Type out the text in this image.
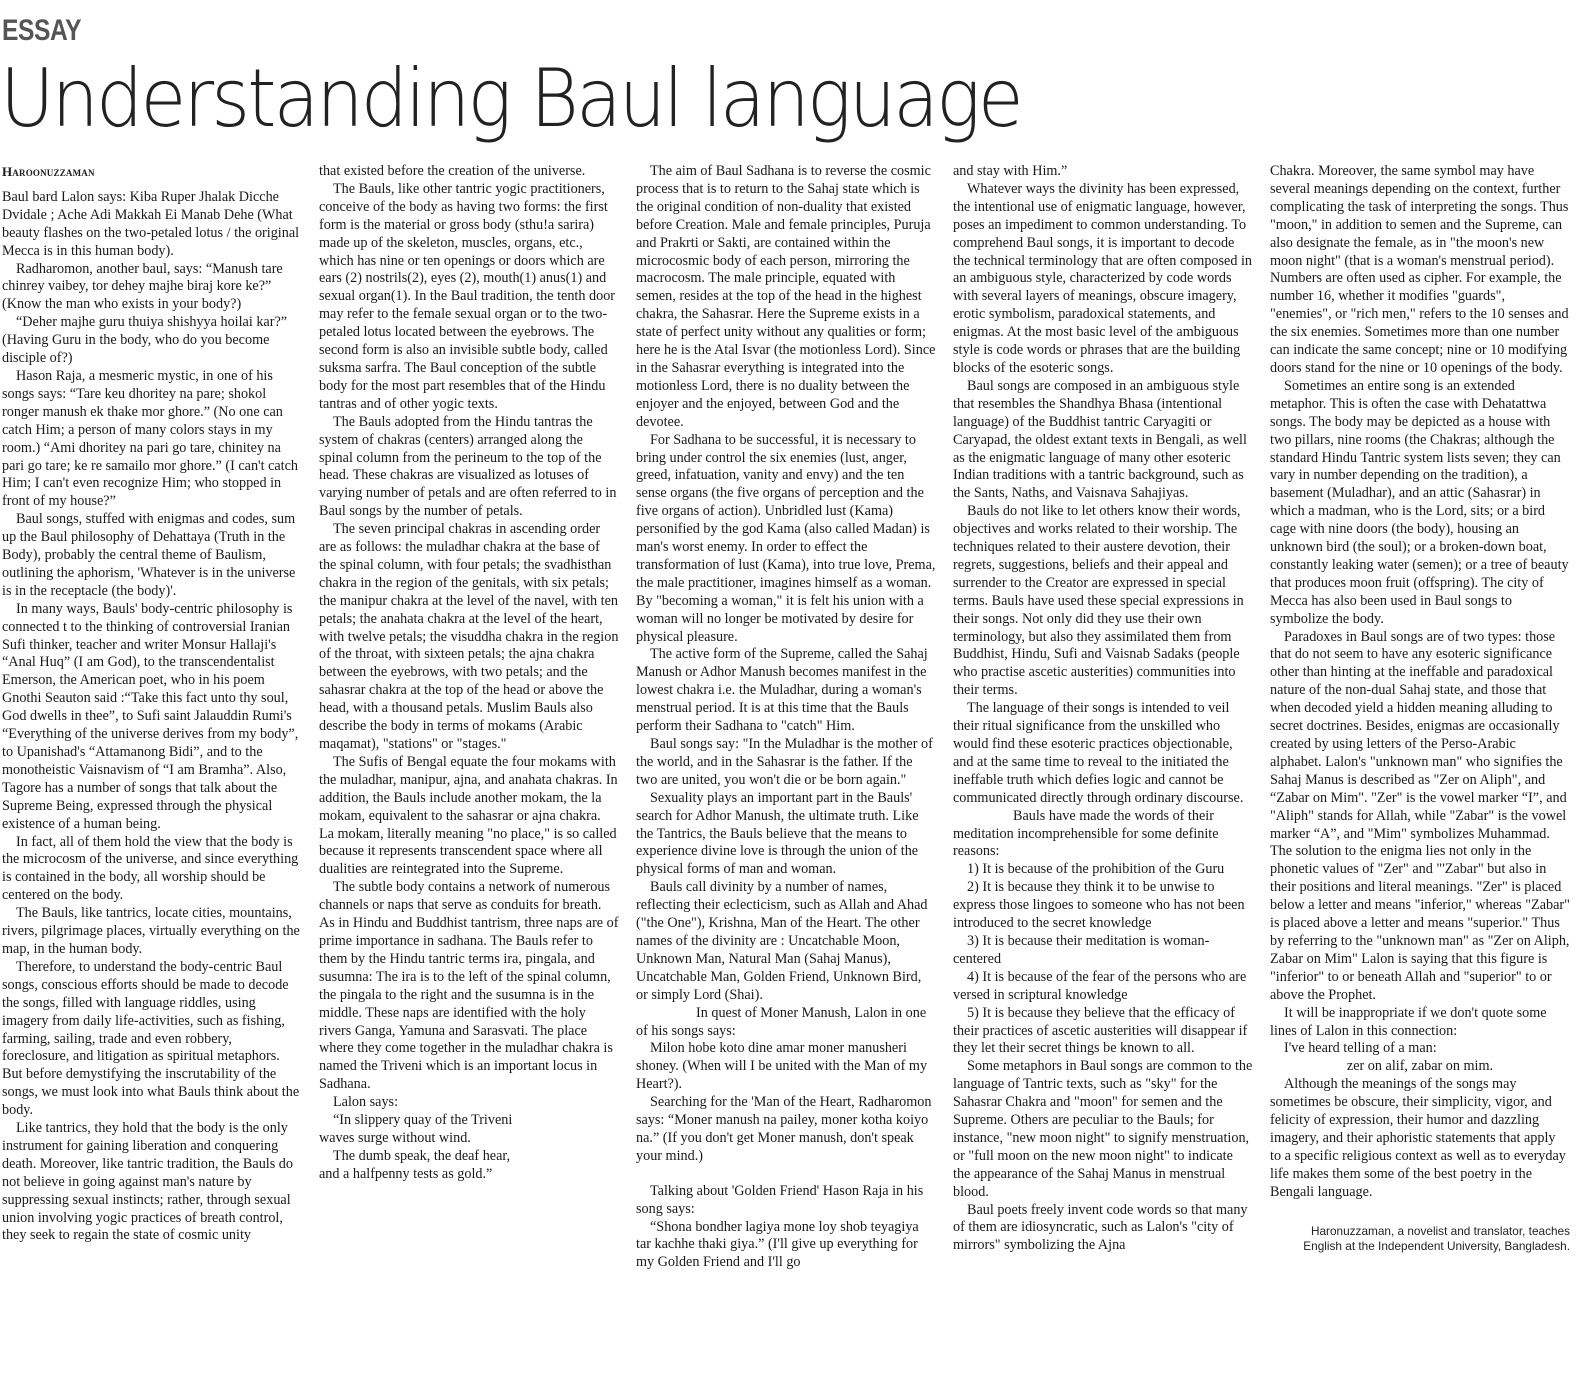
ESSAY
Understanding Baul language

Haroonuzzaman

Baul bard Lalon says: Kiba Ruper Jhalak Dicche Dvidale ; Ache Adi Makkah Ei Manab Dehe (What beauty flashes on the two-petaled lotus / the original Mecca is in this human body).

Radharomon, another baul, says: “Manush tare chinrey vaibey, tor dehey majhe biraj kore ke?” (Know the man who exists in your body?)

“Deher majhe guru thuiya shishyya hoilai kar?” (Having Guru in the body, who do you become disciple of?)

Hason Raja, a mesmeric mystic, in one of his songs says: “Tare keu dhoritey na pare; shokol ronger manush ek thake mor ghore.” (No one can catch Him; a person of many colors stays in my room.) “Ami dhoritey na pari go tare, chinitey na pari go tare; ke re samailo mor ghore.” (I can't catch Him; I can't even recognize Him; who stopped in front of my house?”

Baul songs, stuffed with enigmas and codes, sum up the Baul philosophy of Dehattaya (Truth in the Body), probably the central theme of Baulism, outlining the aphorism, 'Whatever is in the universe is in the receptacle (the body)'.

In many ways, Bauls' body-centric philosophy is connected t to the thinking of controversial Iranian Sufi thinker, teacher and writer Monsur Hallaji's “Anal Huq” (I am God), to the transcendentalist Emerson, the American poet, who in his poem Gnothi Seauton said :“Take this fact unto thy soul, God dwells in thee”, to Sufi saint Jalauddin Rumi's “Everything of the universe derives from my body”, to Upanishad's “Attamanong Bidi”, and to the monotheistic Vaisnavism of “I am Bramha”. Also, Tagore has a number of songs that talk about the Supreme Being, expressed through the physical existence of a human being.

In fact, all of them hold the view that the body is the microcosm of the universe, and since everything is contained in the body, all worship should be centered on the body.

The Bauls, like tantrics, locate cities, mountains, rivers, pilgrimage places, virtually everything on the map, in the human body.

Therefore, to understand the body-centric Baul songs, conscious efforts should be made to decode the songs, filled with language riddles, using imagery from daily life-activities, such as fishing, farming, sailing, trade and even robbery, foreclosure, and litigation as spiritual metaphors. But before demystifying the inscrutability of the songs, we must look into what Bauls think about the body.

Like tantrics, they hold that the body is the only instrument for gaining liberation and conquering death. Moreover, like tantric tradition, the Bauls do not believe in going against man's nature by suppressing sexual instincts; rather, through sexual union involving yogic practices of breath control, they seek to regain the state of cosmic unity

that existed before the creation of the universe.

The Bauls, like other tantric yogic practitioners, conceive of the body as having two forms: the first form is the material or gross body (sthu!a sarira) made up of the skeleton, muscles, organs, etc., which has nine or ten openings or doors which are ears (2) nostrils(2), eyes (2), mouth(1) anus(1) and sexual organ(1). In the Baul tradition, the tenth door may refer to the female sexual organ or to the two-petaled lotus located between the eyebrows. The second form is also an invisible subtle body, called suksma sarfra. The Baul conception of the subtle body for the most part resembles that of the Hindu tantras and of other yogic texts.

The Bauls adopted from the Hindu tantras the system of chakras (centers) arranged along the spinal column from the perineum to the top of the head. These chakras are visualized as lotuses of varying number of petals and are often referred to in Baul songs by the number of petals.

The seven principal chakras in ascending order are as follows: the muladhar chakra at the base of the spinal column, with four petals; the svadhisthan chakra in the region of the genitals, with six petals; the manipur chakra at the level of the navel, with ten petals; the anahata chakra at the level of the heart, with twelve petals; the visuddha chakra in the region of the throat, with sixteen petals; the ajna chakra between the eyebrows, with two petals; and the sahasrar chakra at the top of the head or above the head, with a thousand petals. Muslim Bauls also describe the body in terms of mokams (Arabic maqamat), "stations" or "stages."

The Sufis of Bengal equate the four mokams with the muladhar, manipur, ajna, and anahata chakras. In addition, the Bauls include another mokam, the la mokam, equivalent to the sahasrar or ajna chakra. La mokam, literally meaning "no place," is so called because it represents transcendent space where all dualities are reintegrated into the Supreme.

The subtle body contains a network of numerous channels or naps that serve as conduits for breath. As in Hindu and Buddhist tantrism, three naps are of prime importance in sadhana. The Bauls refer to them by the Hindu tantric terms ira, pingala, and susumna: The ira is to the left of the spinal column, the pingala to the right and the susumna is in the middle. These naps are identified with the holy rivers Ganga, Yamuna and Sarasvati. The place where they come together in the muladhar chakra is named the Triveni which is an important locus in Sadhana.

Lalon says:

“In slippery quay of the Triveni

waves surge without wind.

The dumb speak, the deaf hear,

and a halfpenny tests as gold.”

The aim of Baul Sadhana is to reverse the cosmic process that is to return to the Sahaj state which is the original condition of non-duality that existed before Creation. Male and female principles, Puruja and Prakrti or Sakti, are contained within the microcosmic body of each person, mirroring the macrocosm. The male principle, equated with semen, resides at the top of the head in the highest chakra, the Sahasrar. Here the Supreme exists in a state of perfect unity without any qualities or form; here he is the Atal Isvar (the motionless Lord). Since in the Sahasrar everything is integrated into the motionless Lord, there is no duality between the enjoyer and the enjoyed, between God and the devotee.

For Sadhana to be successful, it is necessary to bring under control the six enemies (lust, anger, greed, infatuation, vanity and envy) and the ten sense organs (the five organs of perception and the five organs of action). Unbridled lust (Kama) personified by the god Kama (also called Madan) is man's worst enemy. In order to effect the transformation of lust (Kama), into true love, Prema, the male practitioner, imagines himself as a woman. By "becoming a woman," it is felt his union with a woman will no longer be motivated by desire for physical pleasure.

The active form of the Supreme, called the Sahaj Manush or Adhor Manush becomes manifest in the lowest chakra i.e. the Muladhar, during a woman's menstrual period. It is at this time that the Bauls perform their Sadhana to "catch" Him.

Baul songs say: "In the Muladhar is the mother of the world, and in the Sahasrar is the father. If the two are united, you won't die or be born again."

Sexuality plays an important part in the Bauls' search for Adhor Manush, the ultimate truth. Like the Tantrics, the Bauls believe that the means to experience divine love is through the union of the physical forms of man and woman.

Bauls call divinity by a number of names, reflecting their eclecticism, such as Allah and Ahad ("the One"), Krishna, Man of the Heart. The other names of the divinity are : Uncatchable Moon, Unknown Man, Natural Man (Sahaj Manus), Uncatchable Man, Golden Friend, Unknown Bird, or simply Lord (Shai).

In quest of Moner Manush, Lalon in one of his songs says:

Milon hobe koto dine amar moner manusheri shoney. (When will I be united with the Man of my Heart?).

Searching for the 'Man of the Heart, Radharomon says: “Moner manush na pailey, moner kotha koiyo na.” (If you don't get Moner manush, don't speak your mind.)

Talking about 'Golden Friend' Hason Raja in his song says:

“Shona bondher lagiya mone loy shob teyagiya tar kachhe thaki giya.” (I'll give up everything for my Golden Friend and I'll go

and stay with Him.”

Whatever ways the divinity has been expressed, the intentional use of enigmatic language, however, poses an impediment to common understanding. To comprehend Baul songs, it is important to decode the technical terminology that are often composed in an ambiguous style, characterized by code words with several layers of meanings, obscure imagery, erotic symbolism, paradoxical statements, and enigmas. At the most basic level of the ambiguous style is code words or phrases that are the building blocks of the esoteric songs.

Baul songs are composed in an ambiguous style that resembles the Shandhya Bhasa (intentional language) of the Buddhist tantric Caryagiti or Caryapad, the oldest extant texts in Bengali, as well as the enigmatic language of many other esoteric Indian traditions with a tantric background, such as the Sants, Naths, and Vaisnava Sahajiyas.

Bauls do not like to let others know their words, objectives and works related to their worship. The techniques related to their austere devotion, their regrets, suggestions, beliefs and their appeal and surrender to the Creator are expressed in special terms. Bauls have used these special expressions in their songs. Not only did they use their own terminology, but also they assimilated them from Buddhist, Hindu, Sufi and Vaisnab Sadaks (people who practise ascetic austerities) communities into their terms.

The language of their songs is intended to veil their ritual significance from the unskilled who would find these esoteric practices objectionable, and at the same time to reveal to the initiated the ineffable truth which defies logic and cannot be communicated directly through ordinary discourse.

Bauls have made the words of their meditation incomprehensible for some definite reasons:

1) It is because of the prohibition of the Guru

2) It is because they think it to be unwise to express those lingoes to someone who has not been introduced to the secret knowledge

3) It is because their meditation is woman-centered

4) It is because of the fear of the persons who are versed in scriptural knowledge

5) It is because they believe that the efficacy of their practices of ascetic austerities will disappear if they let their secret things be known to all.

Some metaphors in Baul songs are common to the language of Tantric texts, such as "sky" for the Sahasrar Chakra and "moon" for semen and the Supreme. Others are peculiar to the Bauls; for instance, "new moon night" to signify menstruation, or "full moon on the new moon night" to indicate the appearance of the Sahaj Manus in menstrual blood.

Baul poets freely invent code words so that many of them are idiosyncratic, such as Lalon's "city of mirrors" symbolizing the Ajna

Chakra. Moreover, the same symbol may have several meanings depending on the context, further complicating the task of interpreting the songs. Thus "moon," in addition to semen and the Supreme, can also designate the female, as in "the moon's new moon night" (that is a woman's menstrual period). Numbers are often used as cipher. For example, the number 16, whether it modifies "guards", "enemies", or "rich men," refers to the 10 senses and the six enemies. Sometimes more than one number can indicate the same concept; nine or 10 modifying doors stand for the nine or 10 openings of the body.

Sometimes an entire song is an extended metaphor. This is often the case with Dehatattwa songs. The body may be depicted as a house with two pillars, nine rooms (the Chakras; although the standard Hindu Tantric system lists seven; they can vary in number depending on the tradition), a basement (Muladhar), and an attic (Sahasrar) in which a madman, who is the Lord, sits; or a bird cage with nine doors (the body), housing an unknown bird (the soul); or a broken-down boat, constantly leaking water (semen); or a tree of beauty that produces moon fruit (offspring). The city of Mecca has also been used in Baul songs to symbolize the body.

Paradoxes in Baul songs are of two types: those that do not seem to have any esoteric significance other than hinting at the ineffable and paradoxical nature of the non-dual Sahaj state, and those that when decoded yield a hidden meaning alluding to secret doctrines. Besides, enigmas are occasionally created by using letters of the Perso-Arabic alphabet. Lalon's "unknown man" who signifies the Sahaj Manus is described as "Zer on Aliph", and “Zabar on Mim". "Zer" is the vowel marker “I”, and "Aliph" stands for Allah, while "Zabar" is the vowel marker “A”, and "Mim" symbolizes Muhammad. The solution to the enigma lies not only in the phonetic values of "Zer" and "'Zabar" but also in their positions and literal meanings. "Zer" is placed below a letter and means "inferior," whereas "Zabar" is placed above a letter and means "superior." Thus by referring to the "unknown man" as "Zer on Aliph, Zabar on Mim" Lalon is saying that this figure is "inferior" to or beneath Allah and "superior" to or above the Prophet.

It will be inappropriate if we don't quote some lines of Lalon in this connection:

I've heard telling of a man:

zer on alif, zabar on mim.

Although the meanings of the songs may sometimes be obscure, their simplicity, vigor, and felicity of expression, their humor and dazzling imagery, and their aphoristic statements that apply to a specific religious context as well as to everyday life makes them some of the best poetry in the Bengali language.

Haronuzzaman, a novelist and translator, teaches English at the Independent University, Bangladesh.
